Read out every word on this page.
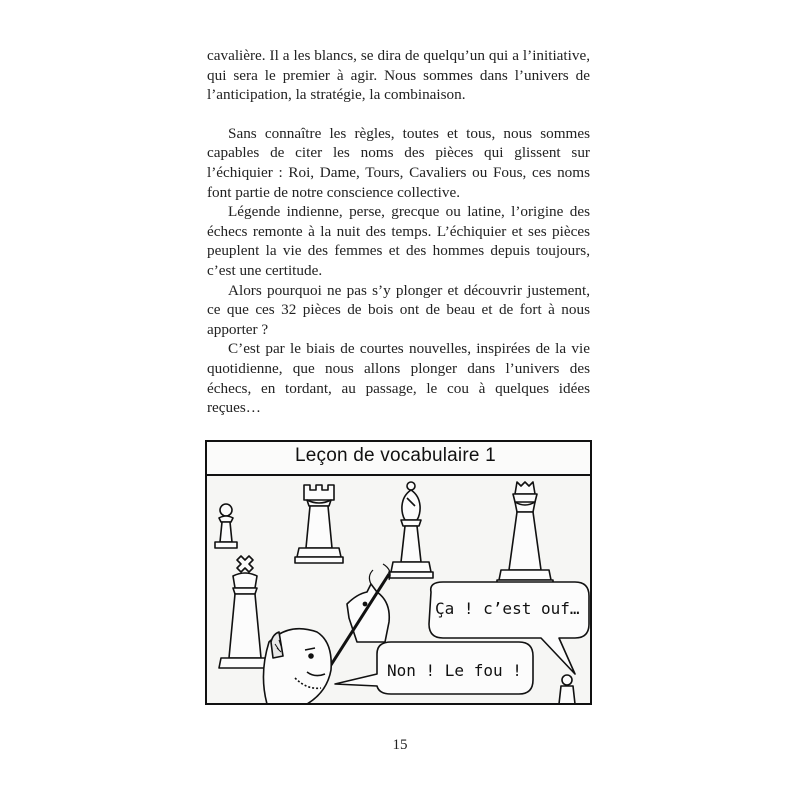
cavalière. Il a les blancs, se dira de quelqu’un qui a l’initiative, qui sera le premier à agir. Nous sommes dans l’univers de l’anticipation, la stratégie, la combinaison.

Sans connaître les règles, toutes et tous, nous sommes capables de citer les noms des pièces qui glissent sur l’échiquier : Roi, Dame, Tours, Cavaliers ou Fous, ces noms font partie de notre conscience collective.

Légende indienne, perse, grecque ou latine, l’origine des échecs remonte à la nuit des temps. L’échiquier et ses pièces peuplent la vie des femmes et des hommes depuis toujours, c’est une certitude.

Alors pourquoi ne pas s’y plonger et découvrir justement, ce que ces 32 pièces de bois ont de beau et de fort à nous apporter ?

C’est par le biais de courtes nouvelles, inspirées de la vie quotidienne, que nous allons plonger dans l’univers des échecs, en tordant, au passage, le cou à quelques idées reçues…

Leçon de vocabulaire 1
Ça ! c’est ouf…
Non ! Le fou !
15
